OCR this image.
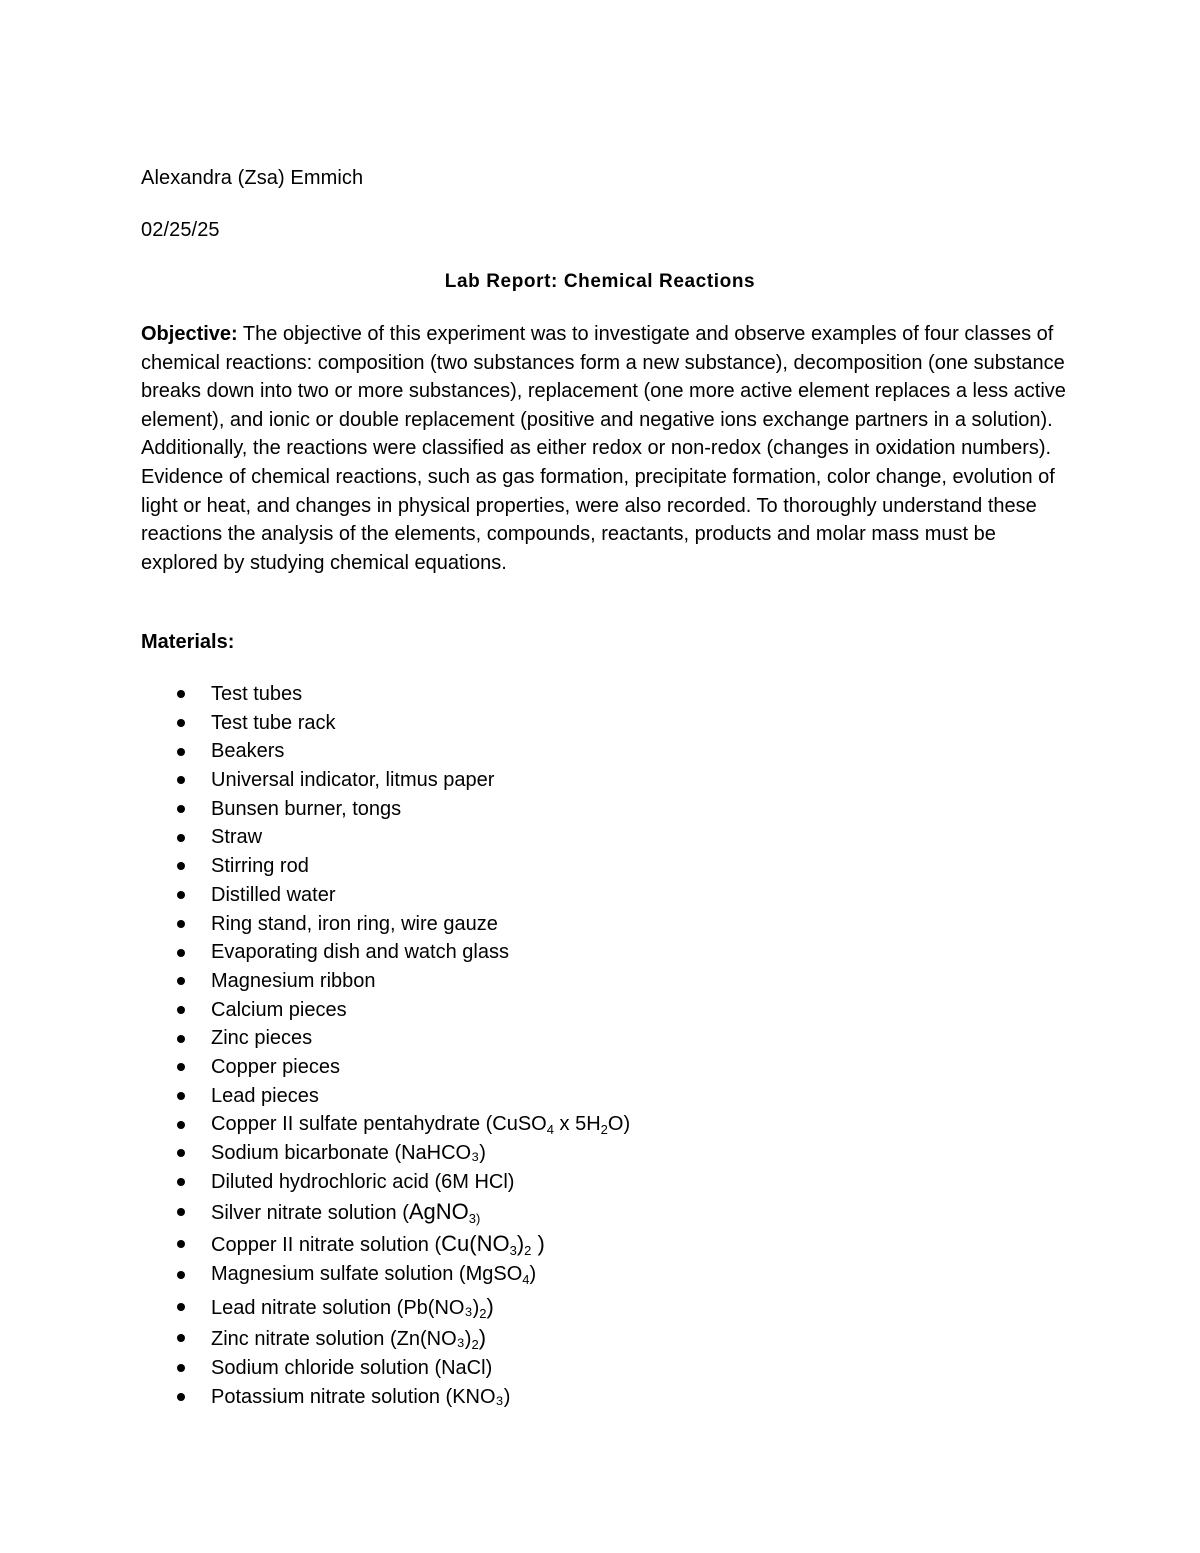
Alexandra (Zsa) Emmich
02/25/25
Lab Report: Chemical Reactions

Objective: The objective of this experiment was to investigate and observe examples of four classes of chemical reactions: composition (two substances form a new substance), decomposition (one substance breaks down into two or more substances), replacement (one more active element replaces a less active element), and ionic or double replacement (positive and negative ions exchange partners in a solution). Additionally, the reactions were classified as either redox or non-redox (changes in oxidation numbers). Evidence of chemical reactions, such as gas formation, precipitate formation, color change, evolution of light or heat, and changes in physical properties, were also recorded. To thoroughly understand these reactions the analysis of the elements, compounds, reactants, products and molar mass must be explored by studying chemical equations.

Materials:
Test tubes
Test tube rack
Beakers
Universal indicator, litmus paper
Bunsen burner, tongs
Straw
Stirring rod
Distilled water
Ring stand, iron ring, wire gauze
Evaporating dish and watch glass
Magnesium ribbon
Calcium pieces
Zinc pieces
Copper pieces
Lead pieces
Copper II sulfate pentahydrate (CuSO$_4$ x $5H_2O$)
Sodium bicarbonate (NaHCO₃)
Diluted hydrochloric acid (6M HCl)
Silver nitrate solution (AgNO$_{3)}$
Copper II nitrate solution ($Cu(NO_3)_2$ )
Magnesium sulfate solution (MgSO$_4$)
Lead nitrate solution $(Pb(NO_3)_2)$
Zinc nitrate solution $(Zn(NO_3)_2)$
Sodium chloride solution (NaCl)
Potassium nitrate solution (KNO₃)
